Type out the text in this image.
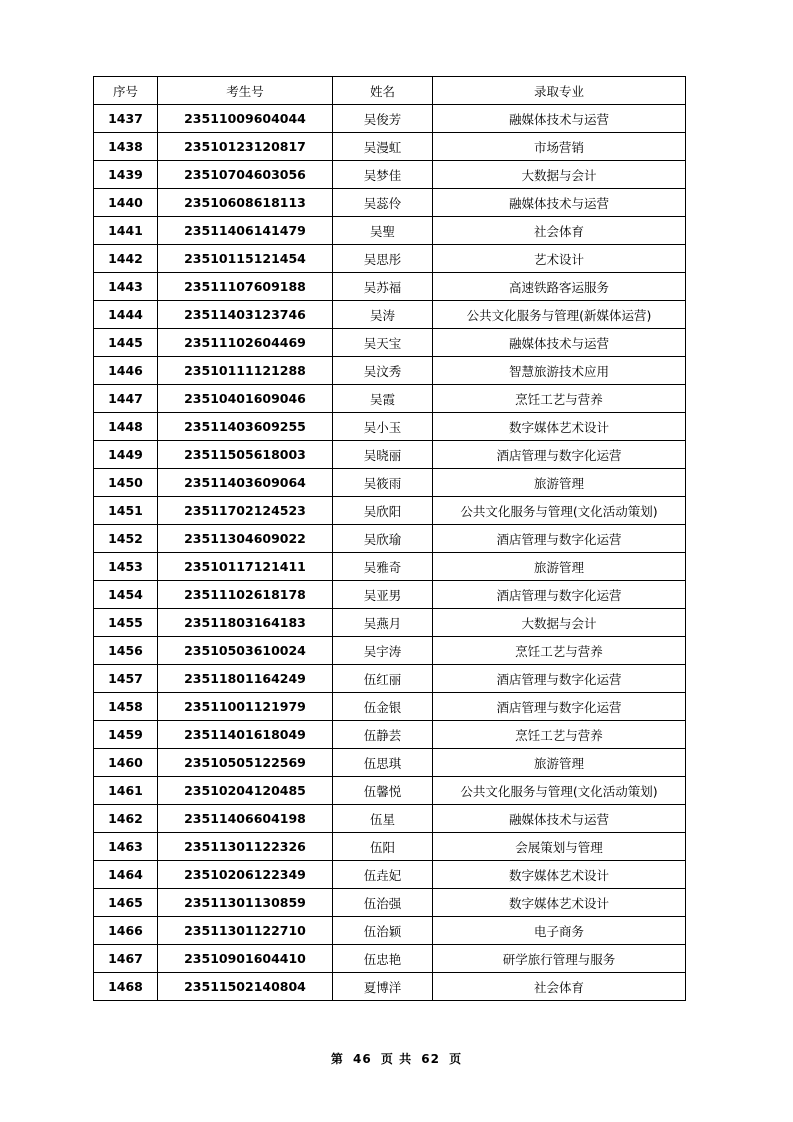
序号	考生号	姓名	录取专业
1437	23511009604044	吴俊芳	融媒体技术与运营
1438	23510123120817	吴漫虹	市场营销
1439	23510704603056	吴梦佳	大数据与会计
1440	23510608618113	吴蕊伶	融媒体技术与运营
1441	23511406141479	吴聖	社会体育
1442	23510115121454	吴思彤	艺术设计
1443	23511107609188	吴苏福	高速铁路客运服务
1444	23511403123746	吴涛	公共文化服务与管理(新媒体运营)
1445	23511102604469	吴天宝	融媒体技术与运营
1446	23510111121288	吴汶秀	智慧旅游技术应用
1447	23510401609046	吴霞	烹饪工艺与营养
1448	23511403609255	吴小玉	数字媒体艺术设计
1449	23511505618003	吴晓丽	酒店管理与数字化运营
1450	23511403609064	吴筱雨	旅游管理
1451	23511702124523	吴欣阳	公共文化服务与管理(文化活动策划)
1452	23511304609022	吴欣瑜	酒店管理与数字化运营
1453	23510117121411	吴雅奇	旅游管理
1454	23511102618178	吴亚男	酒店管理与数字化运营
1455	23511803164183	吴燕月	大数据与会计
1456	23510503610024	吴宇涛	烹饪工艺与营养
1457	23511801164249	伍红丽	酒店管理与数字化运营
1458	23511001121979	伍金银	酒店管理与数字化运营
1459	23511401618049	伍静芸	烹饪工艺与营养
1460	23510505122569	伍思琪	旅游管理
1461	23510204120485	伍馨悦	公共文化服务与管理(文化活动策划)
1462	23511406604198	伍星	融媒体技术与运营
1463	23511301122326	伍阳	会展策划与管理
1464	23510206122349	伍垚妃	数字媒体艺术设计
1465	23511301130859	伍治强	数字媒体艺术设计
1466	23511301122710	伍治颖	电子商务
1467	23510901604410	伍忠艳	研学旅行管理与服务
1468	23511502140804	夏博洋	社会体育
第 46 页 共 62 页
